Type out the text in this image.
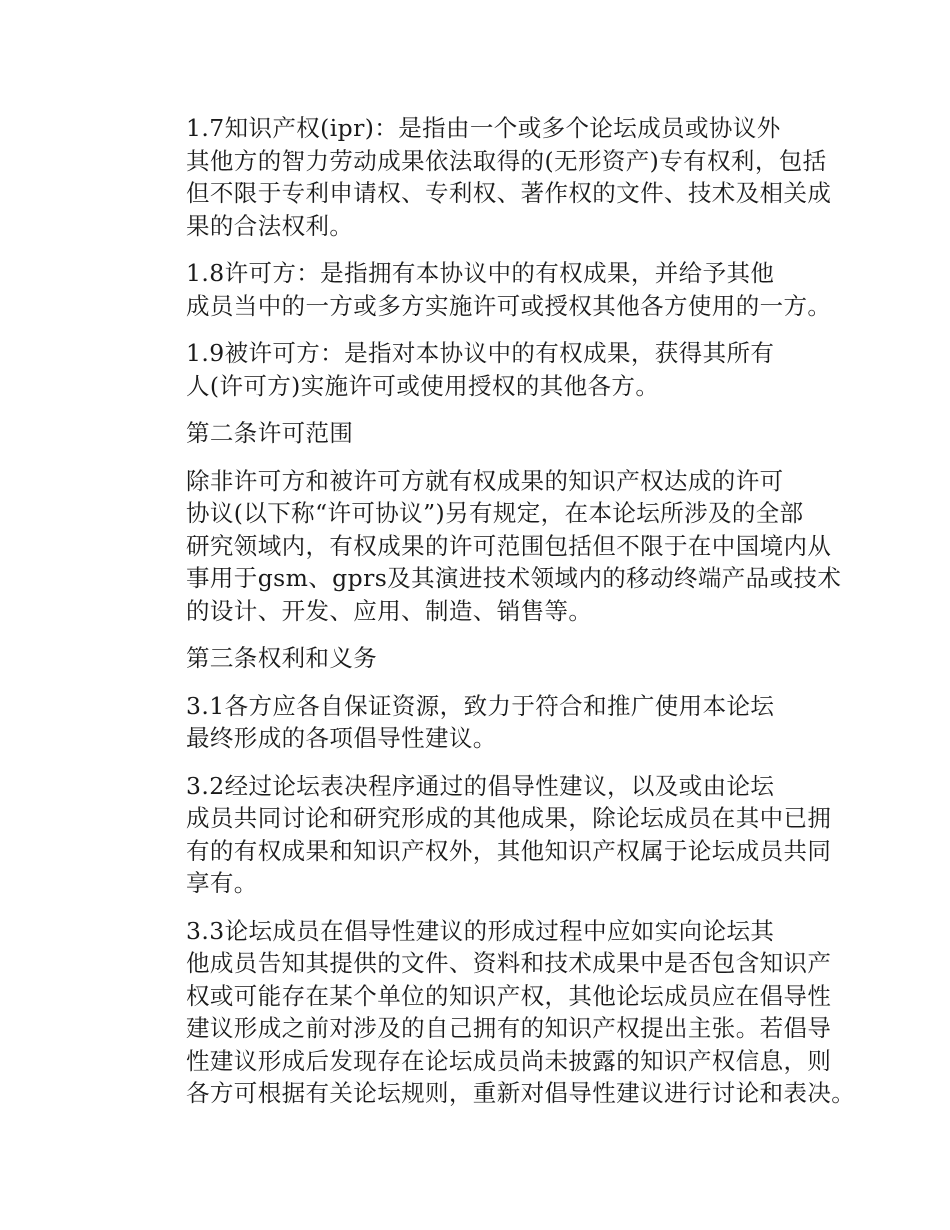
1.7知识产权(ipr)：是指由一个或多个论坛成员或协议外
其他方的智力劳动成果依法取得的(无形资产)专有权利，包括
但不限于专利申请权、专利权、著作权的文件、技术及相关成
果的合法权利。

1.8许可方：是指拥有本协议中的有权成果，并给予其他
成员当中的一方或多方实施许可或授权其他各方使用的一方。

1.9被许可方：是指对本协议中的有权成果，获得其所有
人(许可方)实施许可或使用授权的其他各方。

第二条许可范围

除非许可方和被许可方就有权成果的知识产权达成的许可
协议(以下称“许可协议”)另有规定，在本论坛所涉及的全部
研究领域内，有权成果的许可范围包括但不限于在中国境内从
事用于gsm、gprs及其演进技术领域内的移动终端产品或技术
的设计、开发、应用、制造、销售等。

第三条权利和义务

3.1各方应各自保证资源，致力于符合和推广使用本论坛
最终形成的各项倡导性建议。

3.2经过论坛表决程序通过的倡导性建议，以及或由论坛
成员共同讨论和研究形成的其他成果，除论坛成员在其中已拥
有的有权成果和知识产权外，其他知识产权属于论坛成员共同
享有。

3.3论坛成员在倡导性建议的形成过程中应如实向论坛其
他成员告知其提供的文件、资料和技术成果中是否包含知识产
权或可能存在某个单位的知识产权，其他论坛成员应在倡导性
建议形成之前对涉及的自己拥有的知识产权提出主张。若倡导
性建议形成后发现存在论坛成员尚未披露的知识产权信息，则
各方可根据有关论坛规则，重新对倡导性建议进行讨论和表决。
